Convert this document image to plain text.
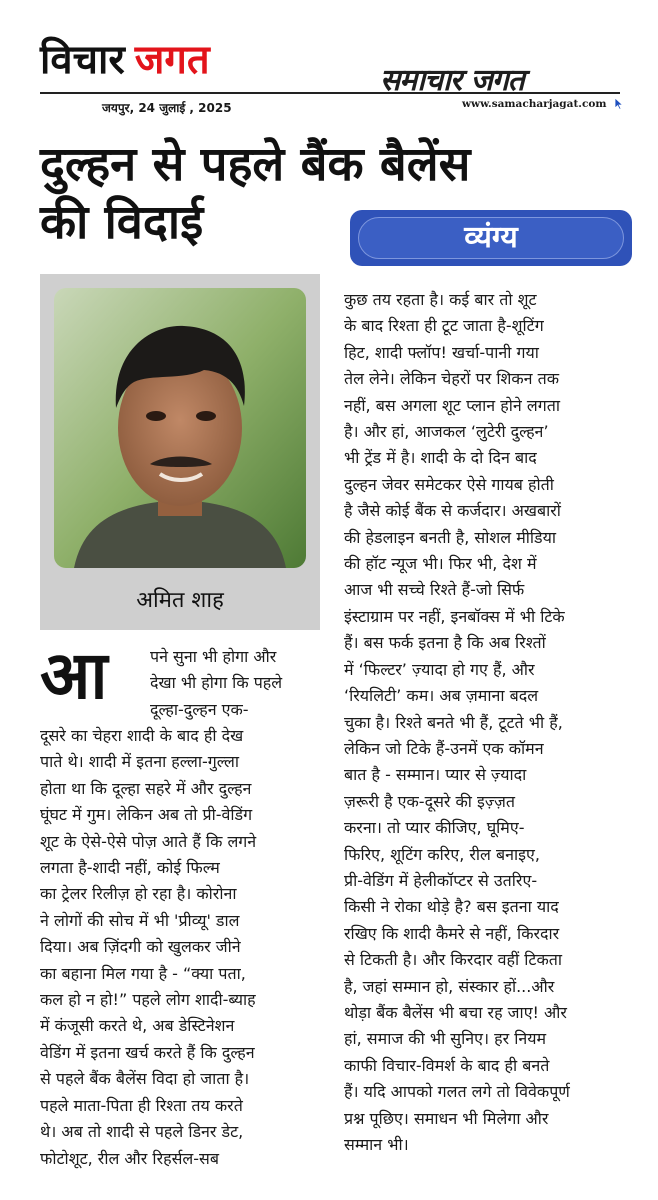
विचार जगत
जयपुर, 24 जुलाई , 2025
समाचार जगत
www.samacharjagat.com
दुल्हन से पहले बैंक बैलेंस
की विदाई	व्यंग्य
अमित शाह
आ	पने सुना भी होगा और
देखा भी होगा कि पहले
दूल्हा-दुल्हन एक-
दूसरे का चेहरा शादी के बाद ही देख
पाते थे। शादी में इतना हल्ला-गुल्ला
होता था कि दूल्हा सहरे में और दुल्हन
घूंघट में गुम। लेकिन अब तो प्री-वेडिंग
शूट के ऐसे-ऐसे पोज़ आते हैं कि लगने
लगता है-शादी नहीं, कोई फिल्म
का ट्रेलर रिलीज़ हो रहा है। कोरोना
ने लोगों की सोच में भी 'प्रीव्यू' डाल
दिया। अब ज़िंदगी को खुलकर जीने
का बहाना मिल गया है - “क्या पता,
कल हो न हो!” पहले लोग शादी-ब्याह
में कंजूसी करते थे, अब डेस्टिनेशन
वेडिंग में इतना खर्च करते हैं कि दुल्हन
से पहले बैंक बैलेंस विदा हो जाता है।
पहले माता-पिता ही रिश्ता तय करते
थे। अब तो शादी से पहले डिनर डेट,
फोटोशूट, रील और रिहर्सल-सब
कुछ तय रहता है। कई बार तो शूट
के बाद रिश्ता ही टूट जाता है-शूटिंग
हिट, शादी फ्लॉप! खर्चा-पानी गया
तेल लेने। लेकिन चेहरों पर शिकन तक
नहीं, बस अगला शूट प्लान होने लगता
है। और हां, आजकल ‘लुटेरी दुल्हन’
भी ट्रेंड में है। शादी के दो दिन बाद
दुल्हन जेवर समेटकर ऐसे गायब होती
है जैसे कोई बैंक से कर्जदार। अखबारों
की हेडलाइन बनती है, सोशल मीडिया
की हॉट न्यूज भी। फिर भी, देश में
आज भी सच्चे रिश्ते हैं-जो सिर्फ
इंस्टाग्राम पर नहीं, इनबॉक्स में भी टिके
हैं। बस फर्क इतना है कि अब रिश्तों
में ‘फिल्टर’ ज़्यादा हो गए हैं, और
‘रियलिटी’ कम। अब ज़माना बदल
चुका है। रिश्ते बनते भी हैं, टूटते भी हैं,
लेकिन जो टिके हैं-उनमें एक कॉमन
बात है - सम्मान। प्यार से ज़्यादा
ज़रूरी है एक-दूसरे की इज़्ज़त
करना। तो प्यार कीजिए, घूमिए-
फिरिए, शूटिंग करिए, रील बनाइए,
प्री-वेडिंग में हेलीकॉप्टर से उतरिए-
किसी ने रोका थोड़े है? बस इतना याद
रखिए कि शादी कैमरे से नहीं, किरदार
से टिकती है। और किरदार वहीं टिकता
है, जहां सम्मान हो, संस्कार हों...और
थोड़ा बैंक बैलेंस भी बचा रह जाए! और
हां, समाज की भी सुनिए। हर नियम
काफी विचार-विमर्श के बाद ही बनते
हैं। यदि आपको गलत लगे तो विवेकपूर्ण
प्रश्न पूछिए। समाधन भी मिलेगा और
सम्मान भी।
